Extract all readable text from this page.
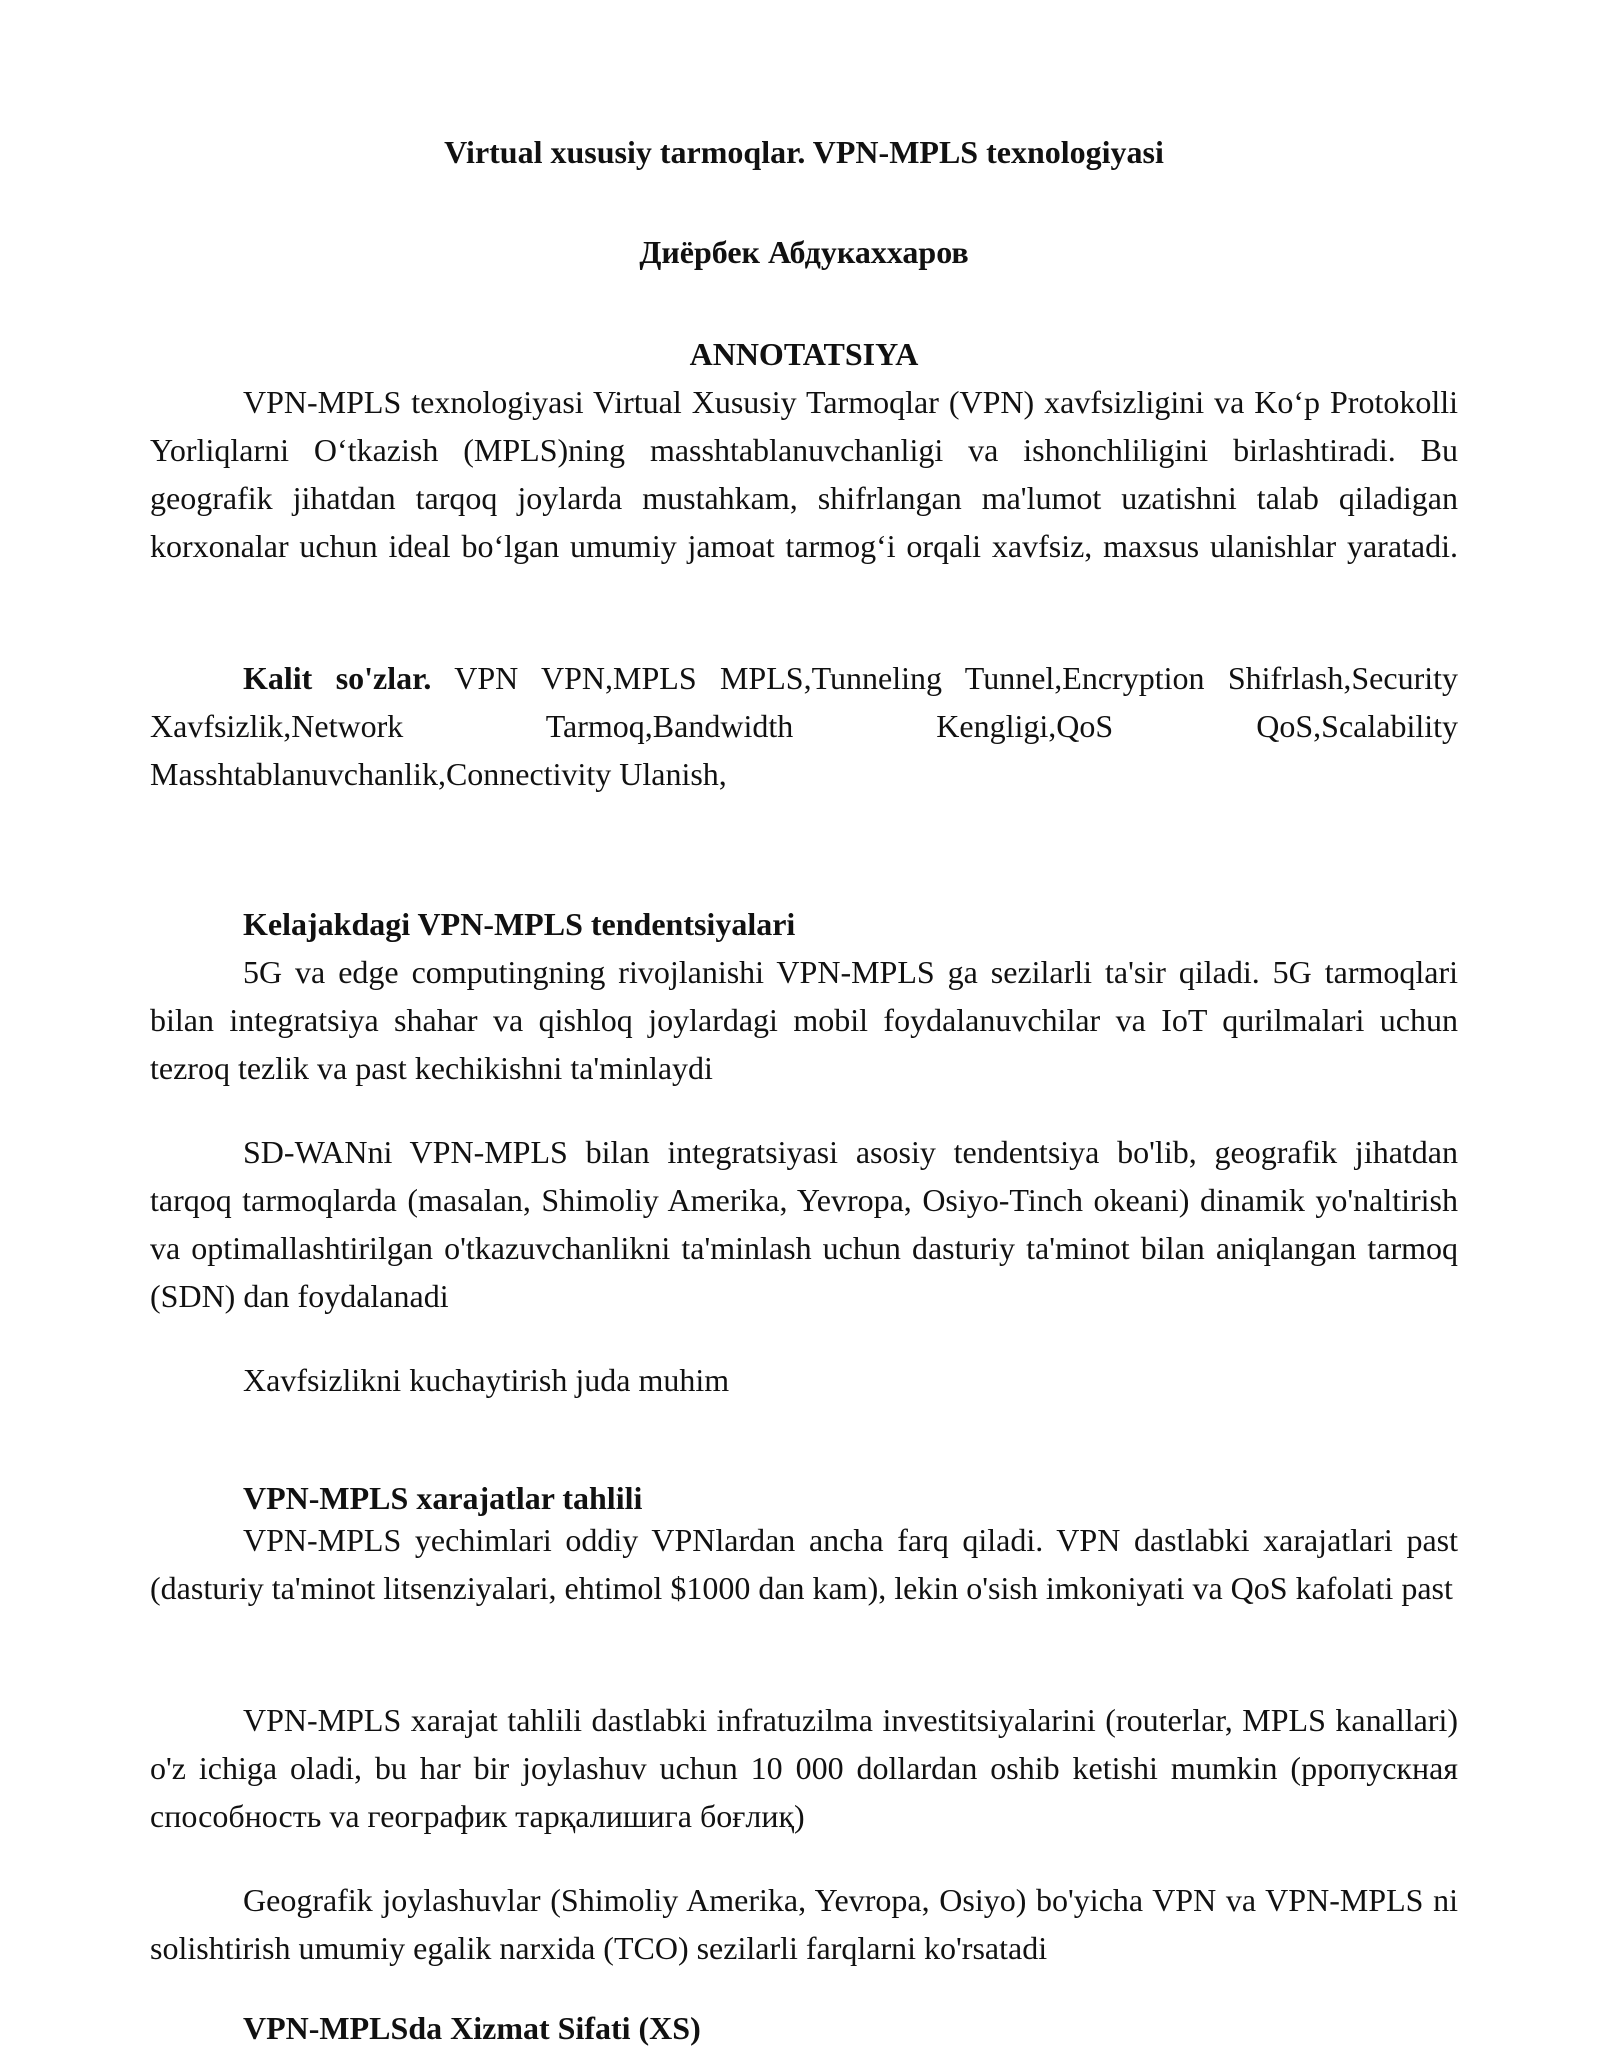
Virtual xususiy tarmoqlar. VPN-MPLS texnologiyasi

Диёрбек Абдукаххаров

ANNOTATSIYA

VPN-MPLS texnologiyasi Virtual Xususiy Tarmoqlar (VPN) xavfsizligini va Koʻp Protokolli Yorliqlarni Oʻtkazish (MPLS)ning masshtablanuvchanligi va ishonchliligini birlashtiradi. Bu geografik jihatdan tarqoq joylarda mustahkam, shifrlangan ma'lumot uzatishni talab qiladigan korxonalar uchun ideal boʻlgan umumiy jamoat tarmogʻi orqali xavfsiz, maxsus ulanishlar yaratadi.

Kalit so'zlar. VPN VPN,MPLS MPLS,Tunneling Tunnel,Encryption Shifrlash,Security Xavfsizlik,Network Tarmoq,Bandwidth Kengligi,QoS QoS,Scalability Masshtablanuvchanlik,Connectivity Ulanish,

Kelajakdagi VPN-MPLS tendentsiyalari

5G va edge computingning rivojlanishi VPN-MPLS ga sezilarli ta'sir qiladi. 5G tarmoqlari bilan integratsiya shahar va qishloq joylardagi mobil foydalanuvchilar va IoT qurilmalari uchun tezroq tezlik va past kechikishni ta'minlaydi

SD-WANni VPN-MPLS bilan integratsiyasi asosiy tendentsiya bo'lib, geografik jihatdan tarqoq tarmoqlarda (masalan, Shimoliy Amerika, Yevropa, Osiyo-Tinch okeani) dinamik yo'naltirish va optimallashtirilgan o'tkazuvchanlikni ta'minlash uchun dasturiy ta'minot bilan aniqlangan tarmoq (SDN) dan foydalanadi

Xavfsizlikni kuchaytirish juda muhim

VPN-MPLS xarajatlar tahlili

VPN-MPLS yechimlari oddiy VPNlardan ancha farq qiladi. VPN dastlabki xarajatlari past (dasturiy ta'minot litsenziyalari, ehtimol $1000 dan kam), lekin o'sish imkoniyati va QoS kafolati past

VPN-MPLS xarajat tahlili dastlabki infratuzilma investitsiyalarini (routerlar, MPLS kanallari) o'z ichiga oladi, bu har bir joylashuv uchun 10 000 dollardan oshib ketishi mumkin (pропускная способность va географик тарқалишига боғлиқ)

Geografik joylashuvlar (Shimoliy Amerika, Yevropa, Osiyo) bo'yicha VPN va VPN-MPLS ni solishtirish umumiy egalik narxida (TCO) sezilarli farqlarni ko'rsatadi

VPN-MPLSda Xizmat Sifati (XS)
